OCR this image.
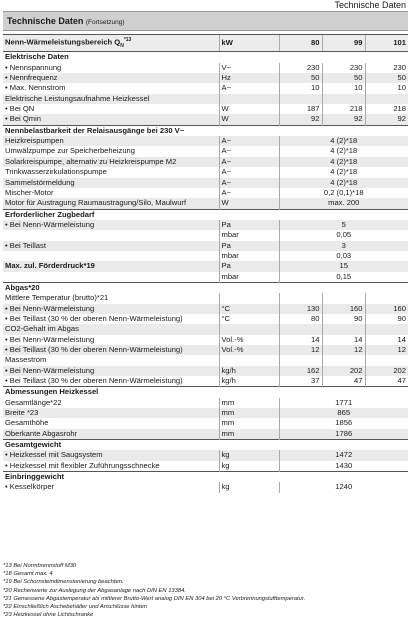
Technische Daten
Technische Daten (Fortsetzung)
Nenn-Wärmeleistungsbereich $Q_N^{*13}$	kW	80	99	101
Elektrische Daten				
• Nennspannung	V~	230	230	230
• Nennfrequenz	Hz	50	50	50
• Max. Nennstrom	A~	10	10	10
Elektrische Leistungsaufnahme Heizkessel				
• Bei QN	W	187	218	218
• Bei Qmin	W	92	92	92
Nennbelastbarkeit der Relaisausgänge bei 230 V~				
Heizkreispumpen	A~	4 (2)*18		
Umwälzpumpe zur Speicherbeheizung	A~	4 (2)*18		
Solarkreispumpe, alternativ zu Heizkreispumpe M2	A~	4 (2)*18		
Trinkwasserzirkulationspumpe	A~	4 (2)*18		
Sammelstörmeldung	A~	4 (2)*18		
Mischer-Motor	A~	0,2 (0,1)*18		
Motor für Austragung Raumaustragung/Silo, Maulwurf	W	max. 200		
Erforderlicher Zugbedarf				
• Bei Nenn-Wärmeleistung	Pa	5		
	mbar	0,05		
• Bei Teillast	Pa	3		
	mbar	0,03		
Max. zul. Förderdruck*19	Pa	15		
	mbar	0,15		
Abgas*20				
Mittlere Temperatur (brutto)*21				
• Bei Nenn-Wärmeleistung	°C	130	160	160
• Bei Teillast (30 % der oberen Nenn-Wärmeleistung)	°C	80	90	90
CO2-Gehalt im Abgas				
• Bei Nenn-Wärmeleistung	Vol.-%	14	14	14
• Bei Teillast (30 % der oberen Nenn-Wärmeleistung)	Vol.-%	12	12	12
Massestrom				
• Bei Nenn-Wärmeleistung	kg/h	162	202	202
• Bei Teillast (30 % der oberen Nenn-Wärmeleistung)	kg/h	37	47	47
Abmessungen Heizkessel				
Gesamtlänge*22	mm	1771		
Breite *23	mm	865		
Gesamthöhe	mm	1856		
Oberkante Abgasrohr	mm	1786		
Gesamtgewicht				
• Heizkessel mit Saugsystem	kg	1472		
• Heizkessel mit flexibler Zuführungsschnecke	kg	1430		
Einbringgewicht				
• Kesselkörper	kg	1240		
*13 Bei Normbrennstoff M30
*18 Gesamt max. 4
*19 Bei Schornsteindimensionierung beachten.
*20 Rechenwerte zur Auslegung der Abgasanlage nach DIN EN 13384.
*21 Gemessene Abgastemperatur als mittlerer Brutto-Wert analog DIN EN 304 bei 20 °C Verbrennungslufttemperatur.
*22 Einschließlich Aschebehälter und Anschlüsse hinten
*23 Heizkessel ohne Lichtschranke
